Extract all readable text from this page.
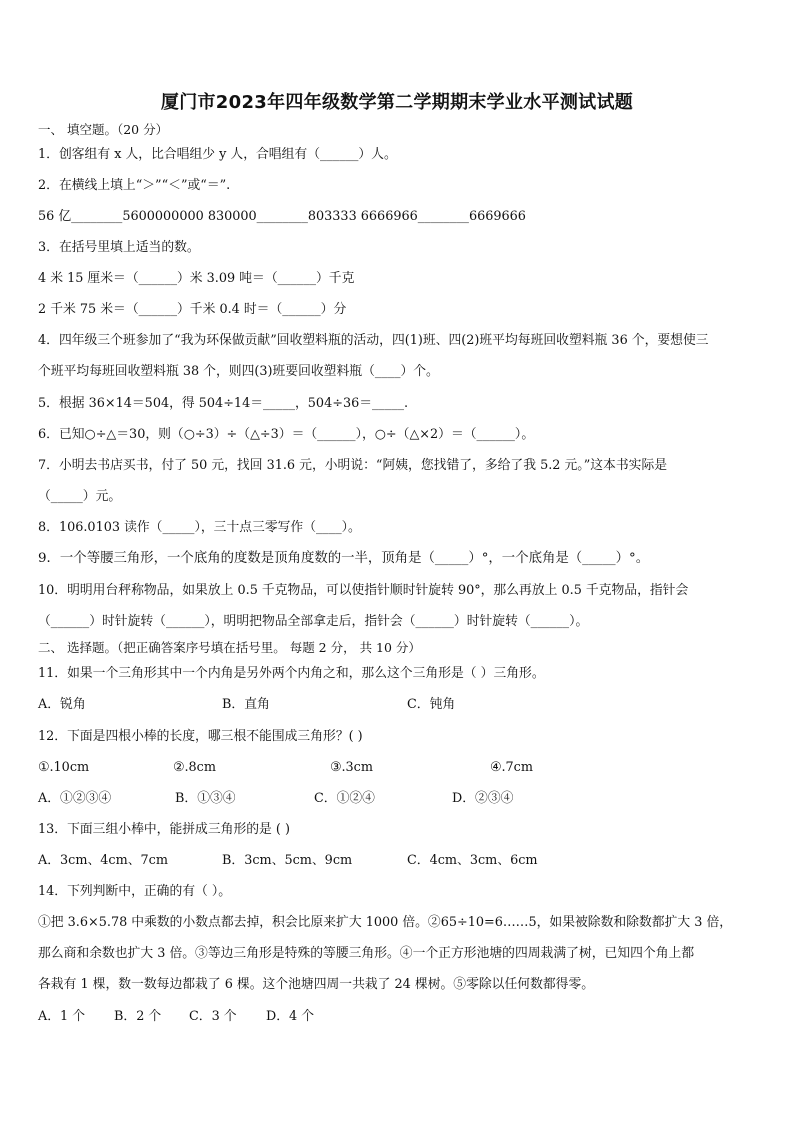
厦门市2023年四年级数学第二学期期末学业水平测试试题
一、 填空题。（20 分）
1．创客组有 x 人，比合唱组少 y 人，合唱组有（______）人。
2．在横线上填上“＞”“＜”或“＝”.
56 亿________5600000000 830000________803333 6666966________6669666
3．在括号里填上适当的数。
4 米 15 厘米＝（______）米 3.09 吨＝（______）千克
2 千米 75 米＝（______）千米 0.4 时＝（______）分
4．四年级三个班参加了“我为环保做贡献”回收塑料瓶的活动，四(1)班、四(2)班平均每班回收塑料瓶 36 个，要想使三
个班平均每班回收塑料瓶 38 个，则四(3)班要回收塑料瓶（____）个。
5．根据 36×14＝504，得 504÷14＝_____，504÷36＝_____.
6．已知○÷△＝30，则（○÷3）÷（△÷3）＝（______），○÷（△×2）＝（______）。
7．小明去书店买书，付了 50 元，找回 31.6 元，小明说：“阿姨，您找错了，多给了我 5.2 元。”这本书实际是
（_____）元。
8．106.0103 读作（_____），三十点三零写作（____）。
9．一个等腰三角形，一个底角的度数是顶角度数的一半，顶角是（_____）°，一个底角是（_____）°。
10．明明用台秤称物品，如果放上 0.5 千克物品，可以使指针顺时针旋转 90°，那么再放上 0.5 千克物品，指针会
（______）时针旋转（______），明明把物品全部拿走后，指针会（______）时针旋转（______）。
二、 选择题。（把正确答案序号填在括号里。 每题 2 分， 共 10 分）
11．如果一个三角形其中一个内角是另外两个内角之和，那么这个三角形是（ ）三角形。
A．锐角	B．直角	C．钝角
12．下面是四根小棒的长度，哪三根不能围成三角形？( )
①.10cm	②.8cm	③.3cm	④.7cm
A．①②③④	B．①③④	C．①②④	D．②③④
13．下面三组小棒中，能拼成三角形的是 ( )
A．3cm、4cm、7cm	B．3cm、5cm、9cm	C．4cm、3cm、6cm
14．下列判断中，正确的有（ ）。
①把 3.6×5.78 中乘数的小数点都去掉，积会比原来扩大 1000 倍。②65÷10=6……5，如果被除数和除数都扩大 3 倍，
那么商和余数也扩大 3 倍。③等边三角形是特殊的等腰三角形。④一个正方形池塘的四周栽满了树，已知四个角上都
各栽有 1 棵，数一数每边都栽了 6 棵。这个池塘四周一共栽了 24 棵树。⑤零除以任何数都得零。
A．1 个 B．2 个 C．3 个 D．4 个
